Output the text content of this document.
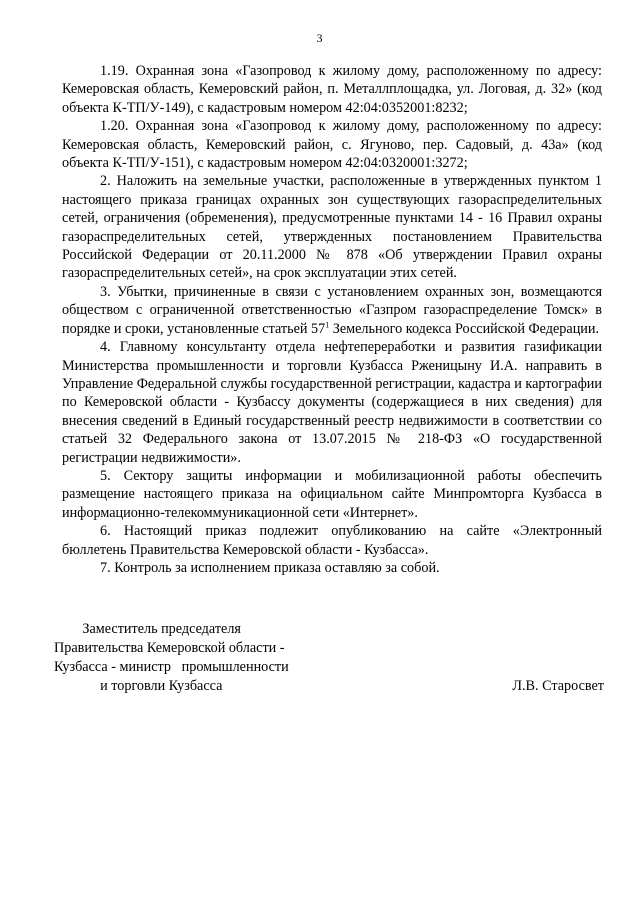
3

1.19. Охранная зона «Газопровод к жилому дому, расположенному по адресу: Кемеровская область, Кемеровский район, п. Металлплощадка, ул. Логовая, д. 32» (код объекта К-ТП/У-149), с кадастровым номером 42:04:0352001:8232;

1.20. Охранная зона «Газопровод к жилому дому, расположенному по адресу: Кемеровская область, Кемеровский район, с. Ягуново, пер. Садовый, д. 43а» (код объекта К-ТП/У-151), с кадастровым номером 42:04:0320001:3272;

2. Наложить на земельные участки, расположенные в утвержденных пунктом 1 настоящего приказа границах охранных зон существующих газораспределительных сетей, ограничения (обременения), предусмотренные пунктами 14 - 16 Правил охраны газораспределительных сетей, утвержденных постановлением Правительства Российской Федерации от 20.11.2000 № 878 «Об утверждении Правил охраны газораспределительных сетей», на срок эксплуатации этих сетей.

3. Убытки, причиненные в связи с установлением охранных зон, возмещаются обществом с ограниченной ответственностью «Газпром газораспределение Томск» в порядке и сроки, установленные статьей $57^1$ Земельного кодекса Российской Федерации.

4. Главному консультанту отдела нефтепереработки и развития газификации Министерства промышленности и торговли Кузбасса Рженицыну И.А. направить в Управление Федеральной службы государственной регистрации, кадастра и картографии по Кемеровской области - Кузбассу документы (содержащиеся в них сведения) для внесения сведений в Единый государственный реестр недвижимости в соответствии со статьей 32 Федерального закона от 13.07.2015 № 218-ФЗ «О государственной регистрации недвижимости».

5. Сектору защиты информации и мобилизационной работы обеспечить размещение настоящего приказа на официальном сайте Минпромторга Кузбасса в информационно-телекоммуникационной сети «Интернет».

6. Настоящий приказ подлежит опубликованию на сайте «Электронный бюллетень Правительства Кемеровской области - Кузбасса».

7. Контроль за исполнением приказа оставляю за собой.

Заместитель председателя
Правительства Кемеровской области -
Кузбасса - министр   промышленности
и торговли Кузбасса	Л.В. Старосвет
